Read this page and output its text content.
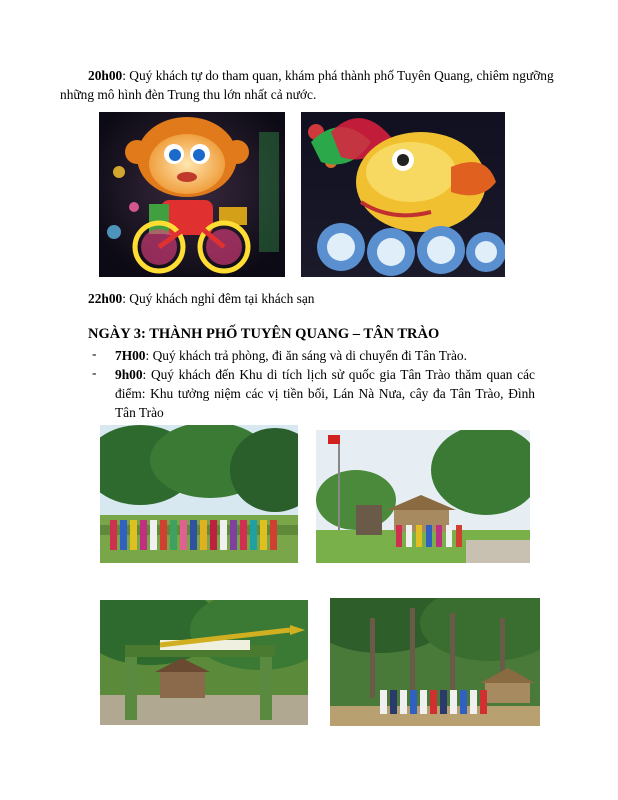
20h00: Quý khách tự do tham quan, khám phá thành phố Tuyên Quang, chiêm ngưỡng những mô hình đèn Trung thu lớn nhất cả nước.
22h00: Quý khách nghỉ đêm tại khách sạn
NGÀY 3: THÀNH PHỐ TUYÊN QUANG – TÂN TRÀO
- 7H00: Quý khách trả phòng, đi ăn sáng và di chuyển đi Tân Trào.
- 9h00: Quý khách đến Khu di tích lịch sử quốc gia Tân Trào thăm quan các điểm: Khu tưởng niệm các vị tiền bối, Lán Nà Nưa, cây đa Tân Trào, Đình Tân Trào
